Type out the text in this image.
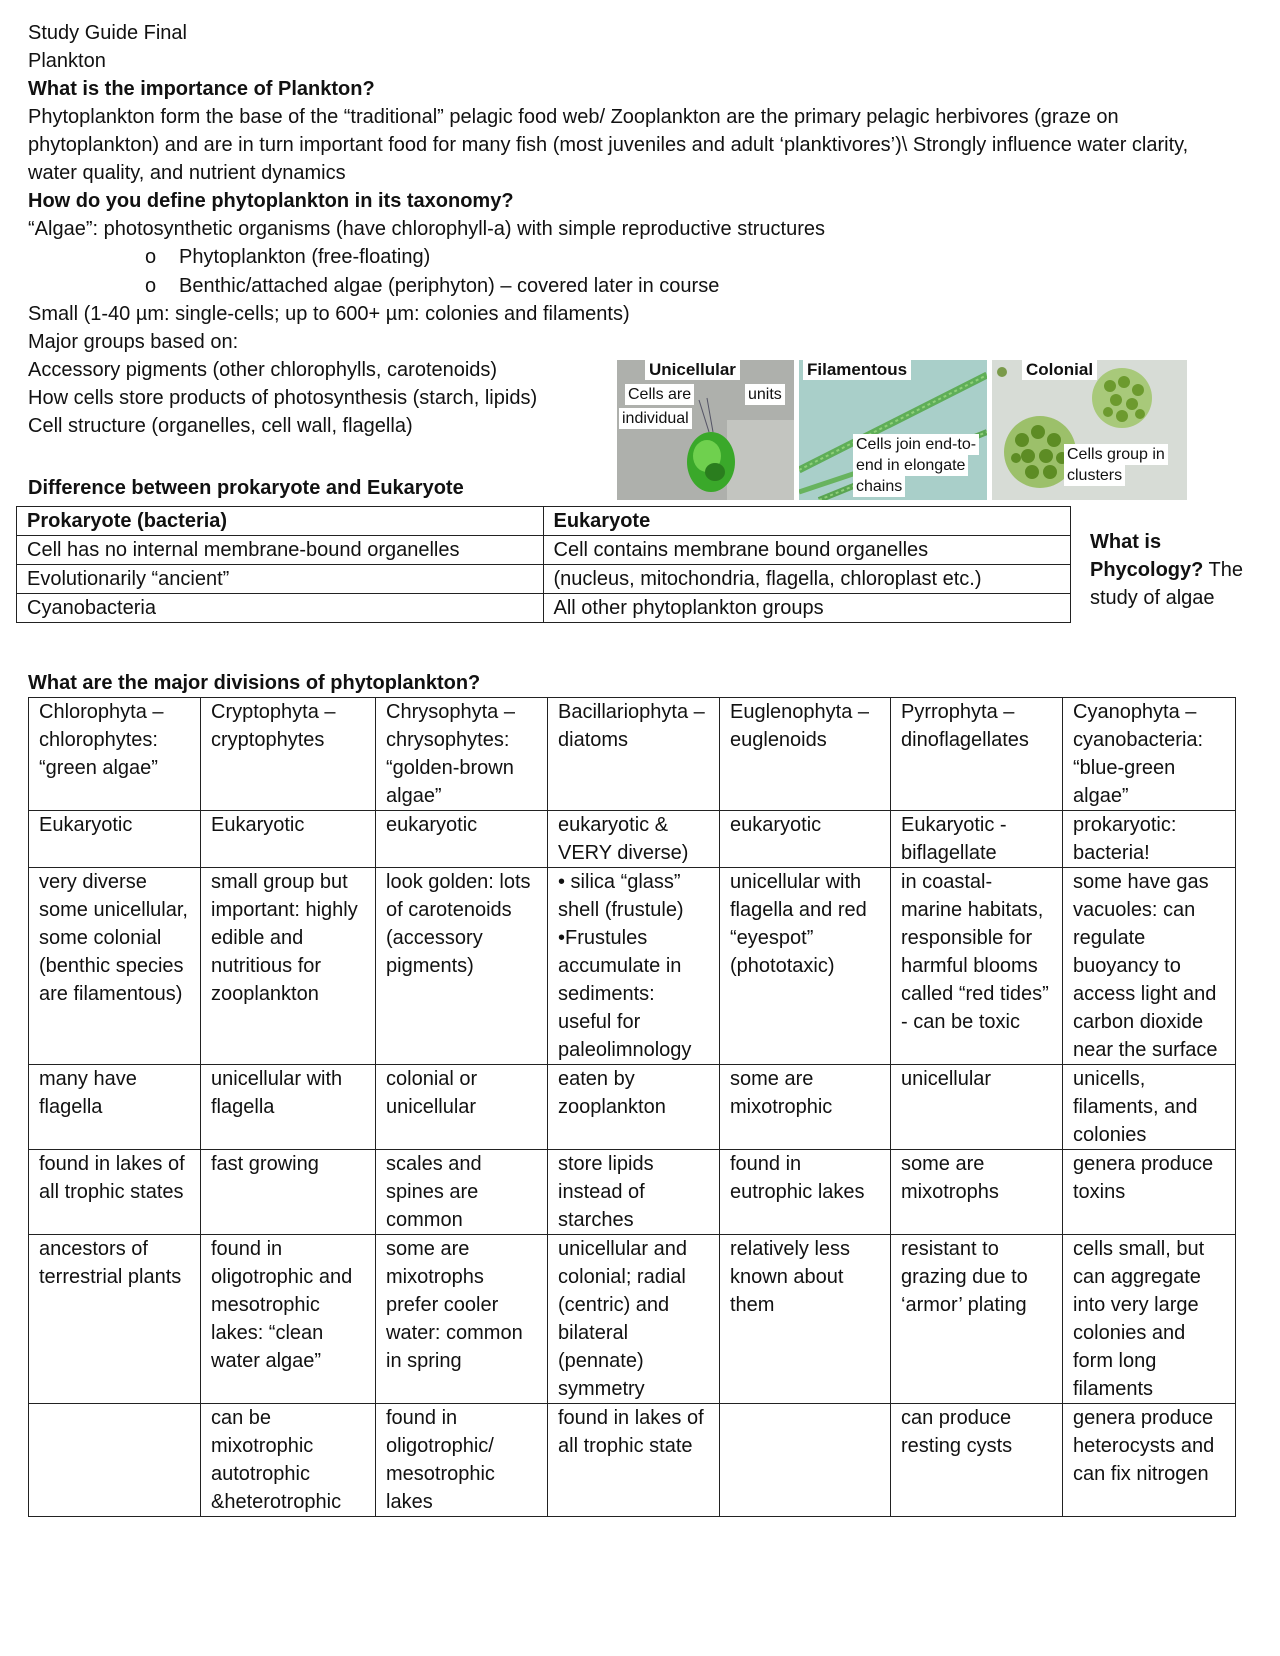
Study Guide Final
Plankton
What is the importance of Plankton?
Phytoplankton form the base of the “traditional” pelagic food web/ Zooplankton are the primary pelagic herbivores (graze on phytoplankton) and are in turn important food for many fish (most juveniles and adult ‘planktivores’)\ Strongly influence water clarity, water quality, and nutrient dynamics
How do you define phytoplankton in its taxonomy?
“Algae”: photosynthetic organisms (have chlorophyll-a) with simple reproductive structures
o Phytoplankton (free-floating)
o Benthic/attached algae (periphyton) – covered later in course
Small (1-40 µm: single-cells; up to 600+ µm: colonies and filaments)
Major groups based on:
Accessory pigments (other chlorophylls, carotenoids)
How cells store products of photosynthesis (starch, lipids)
Cell structure (organelles, cell wall, flagella)
Unicellular
Cells are
individual
units
Filamentous
Cells join end-to-
end in elongate
chains
Colonial
Cells group in
clusters
Difference between prokaryote and Eukaryote
Prokaryote (bacteria)	Eukaryote
Cell has no internal membrane-bound organelles	Cell contains membrane bound organelles
Evolutionarily “ancient”	(nucleus, mitochondria, flagella, chloroplast etc.)
Cyanobacteria	All other phytoplankton groups
What is Phycology? The study of algae
What are the major divisions of phytoplankton?
Chlorophyta – chlorophytes: “green algae”	Cryptophyta – cryptophytes	Chrysophyta – chrysophytes: “golden-brown algae”	Bacillariophyta – diatoms	Euglenophyta – euglenoids	Pyrrophyta – dinoflagellates	Cyanophyta – cyanobacteria: “blue-green algae”
Eukaryotic	Eukaryotic	eukaryotic	eukaryotic & VERY diverse)	eukaryotic	Eukaryotic -biflagellate	prokaryotic: bacteria!
very diverse some unicellular, some colonial (benthic species are filamentous)	small group but important: highly edible and nutritious for zooplankton	look golden: lots of carotenoids (accessory pigments)	• silica “glass” shell (frustule) •Frustules accumulate in sediments: useful for paleolimnology	unicellular with flagella and red “eyespot” (phototaxic)	in coastal-marine habitats, responsible for harmful blooms called “red tides” - can be toxic	some have gas vacuoles: can regulate buoyancy to access light and carbon dioxide near the surface
many have flagella	unicellular with flagella	colonial or unicellular	eaten by zooplankton	some are mixotrophic	unicellular	unicells, filaments, and colonies
found in lakes of all trophic states	fast growing	scales and spines are common	store lipids instead of starches	found in eutrophic lakes	some are mixotrophs	genera produce toxins
ancestors of terrestrial plants	found in oligotrophic and mesotrophic lakes: “clean water algae”	some are mixotrophs prefer cooler water: common in spring	unicellular and colonial; radial (centric) and bilateral (pennate) symmetry	relatively less known about them	resistant to grazing due to ‘armor’ plating	cells small, but can aggregate into very large colonies and form long filaments
	can be mixotrophic autotrophic &heterotrophic	found in oligotrophic/ mesotrophic lakes	found in lakes of all trophic state		can produce resting cysts	genera produce heterocysts and can fix nitrogen
